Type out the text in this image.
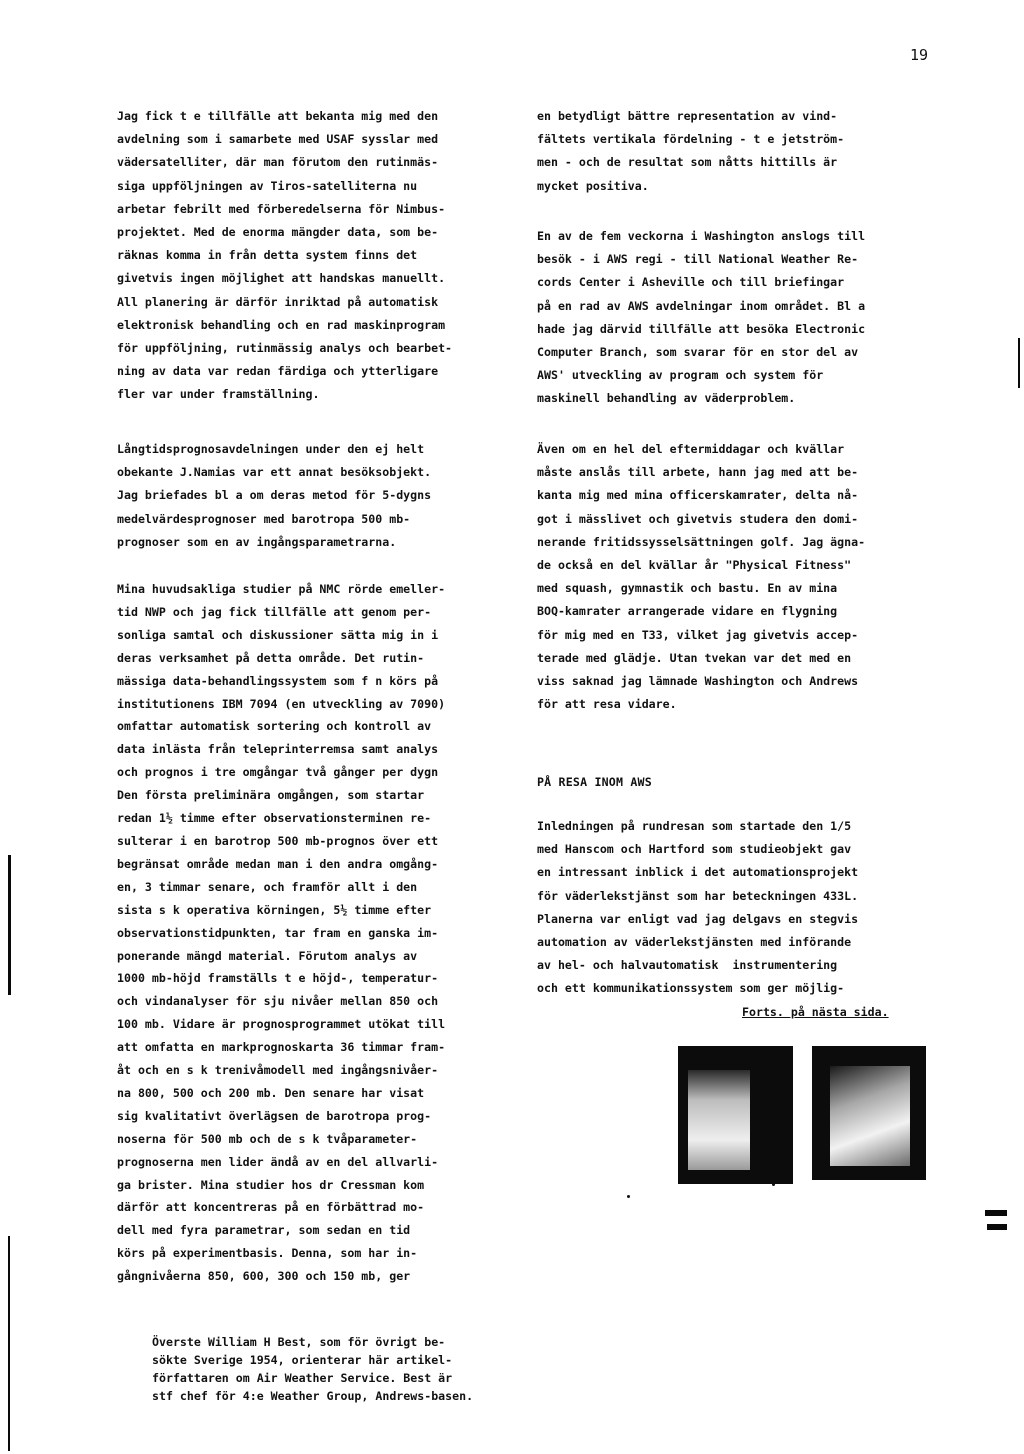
19

Jag fick t e tillfälle att bekanta mig med den

avdelning som i samarbete med USAF sysslar med

vädersatelliter, där man förutom den rutinmäs-

siga uppföljningen av Tiros-satelliterna nu

arbetar febrilt med förberedelserna för Nimbus-

projektet. Med de enorma mängder data, som be-

räknas komma in från detta system finns det

givetvis ingen möjlighet att handskas manuellt.

All planering är därför inriktad på automatisk

elektronisk behandling och en rad maskinprogram

för uppföljning, rutinmässig analys och bearbet-

ning av data var redan färdiga och ytterligare

fler var under framställning.

Långtidsprognosavdelningen under den ej helt

obekante J.Namias var ett annat besöksobjekt.

Jag briefades bl a om deras metod för 5-dygns

medelvärdesprognoser med barotropa 500 mb-

prognoser som en av ingångsparametrarna.

Mina huvudsakliga studier på NMC rörde emeller-

tid NWP och jag fick tillfälle att genom per-

sonliga samtal och diskussioner sätta mig in i

deras verksamhet på detta område. Det rutin-

mässiga data-behandlingssystem som f n körs på

institutionens IBM 7094 (en utveckling av 7090)

omfattar automatisk sortering och kontroll av

data inlästa från teleprinterremsa samt analys

och prognos i tre omgångar två gånger per dygn

Den första preliminära omgången, som startar

redan 1½ timme efter observationsterminen re-

sulterar i en barotrop 500 mb-prognos över ett

begränsat område medan man i den andra omgång-

en, 3 timmar senare, och framför allt i den

sista s k operativa körningen, 5½ timme efter

observationstidpunkten, tar fram en ganska im-

ponerande mängd material. Förutom analys av

1000 mb-höjd framställs t e höjd-, temperatur-

och vindanalyser för sju nivåer mellan 850 och

100 mb. Vidare är prognosprogrammet utökat till

att omfatta en markprognoskarta 36 timmar fram-

åt och en s k trenivåmodell med ingångsnivåer-

na 800, 500 och 200 mb. Den senare har visat

sig kvalitativt överlägsen de barotropa prog-

noserna för 500 mb och de s k tvåparameter-

prognoserna men lider ändå av en del allvarli-

ga brister. Mina studier hos dr Cressman kom

därför att koncentreras på en förbättrad mo-

dell med fyra parametrar, som sedan en tid

körs på experimentbasis. Denna, som har in-

gångnivåerna 850, 600, 300 och 150 mb, ger

en betydligt bättre representation av vind-

fältets vertikala fördelning - t e jetström-

men - och de resultat som nåtts hittills är

mycket positiva.

En av de fem veckorna i Washington anslogs till

besök - i AWS regi - till National Weather Re-

cords Center i Asheville och till briefingar

på en rad av AWS avdelningar inom området. Bl a

hade jag därvid tillfälle att besöka Electronic

Computer Branch, som svarar för en stor del av

AWS' utveckling av program och system för

maskinell behandling av väderproblem.

Även om en hel del eftermiddagar och kvällar

måste anslås till arbete, hann jag med att be-

kanta mig med mina officerskamrater, delta nå-

got i mässlivet och givetvis studera den domi-

nerande fritidssysselsättningen golf. Jag ägna-

de också en del kvällar år "Physical Fitness"

med squash, gymnastik och bastu. En av mina

BOQ-kamrater arrangerade vidare en flygning

för mig med en T33, vilket jag givetvis accep-

terade med glädje. Utan tvekan var det med en

viss saknad jag lämnade Washington och Andrews

för att resa vidare.

PÅ RESA INOM AWS

Inledningen på rundresan som startade den 1/5

med Hanscom och Hartford som studieobjekt gav

en intressant inblick i det automationsprojekt

för väderlekstjänst som har beteckningen 433L.

Planerna var enligt vad jag delgavs en stegvis

automation av väderlekstjänsten med införande

av hel- och halvautomatisk  instrumentering

och ett kommunikationssystem som ger möjlig-

Forts. på nästa sida.

Överste William H Best, som för övrigt be-

sökte Sverige 1954, orienterar här artikel-

författaren om Air Weather Service. Best är

stf chef för 4:e Weather Group, Andrews-basen.
